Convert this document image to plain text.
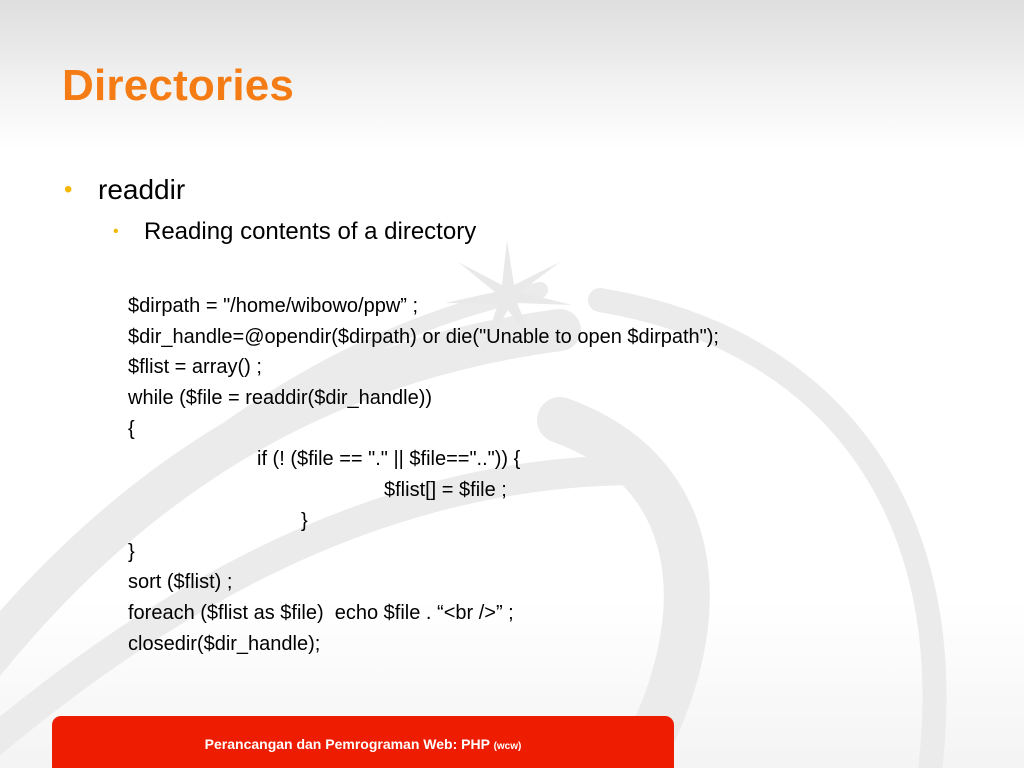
Directories
• readdir
•	Reading contents of a directory
$dirpath = "/home/wibowo/ppw” ;
$dir_handle=@opendir($dirpath) or die("Unable to open $dirpath");
$flist = array() ;
while ($file = readdir($dir_handle))
{
if (! ($file == "." || $file=="..")) {
$flist[] = $file ;
}
}
sort ($flist) ;
foreach ($flist as $file)  echo $file . “<br />” ;
closedir($dir_handle);
Perancangan dan Pemrograman Web: PHP (wcw)
